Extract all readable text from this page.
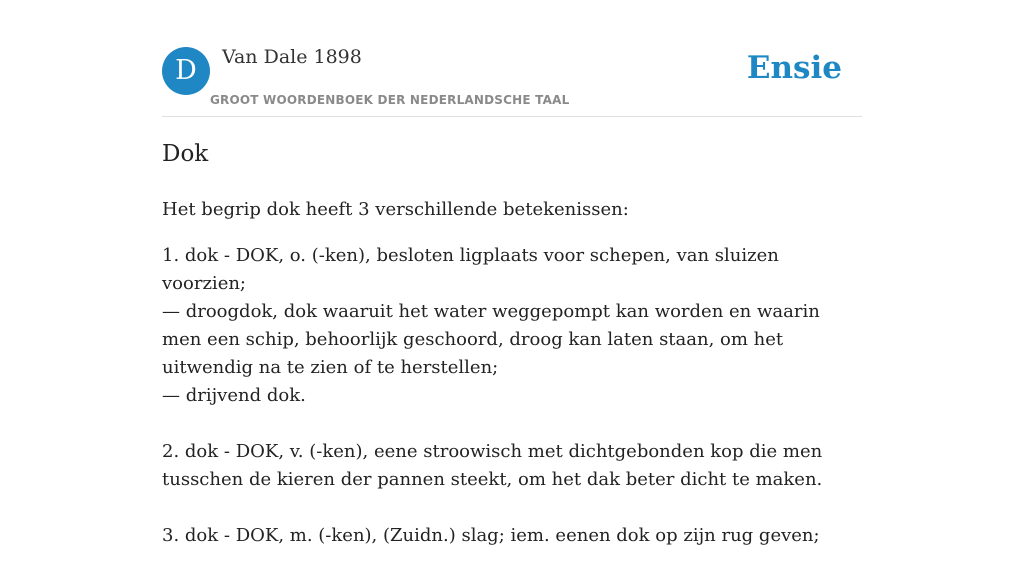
D	Van Dale 1898
GROOT WOORDENBOEK DER NEDERLANDSCHE TAAL
Ensie
Dok

Het begrip dok heeft 3 verschillende betekenissen:

1. dok - DOK, o. (-ken), besloten ligplaats voor schepen, van sluizen voorzien;
— droogdok, dok waaruit het water weggepompt kan worden en waarin men een schip, behoorlijk geschoord, droog kan laten staan, om het uitwendig na te zien of te herstellen;
— drijvend dok.
2. dok - DOK, v. (-ken), eene stroowisch met dichtgebonden kop die men tusschen de kieren der pannen steekt, om het dak beter dicht te maken.
3. dok - DOK, m. (-ken), (Zuidn.) slag; iem. eenen dok op zijn rug geven;
